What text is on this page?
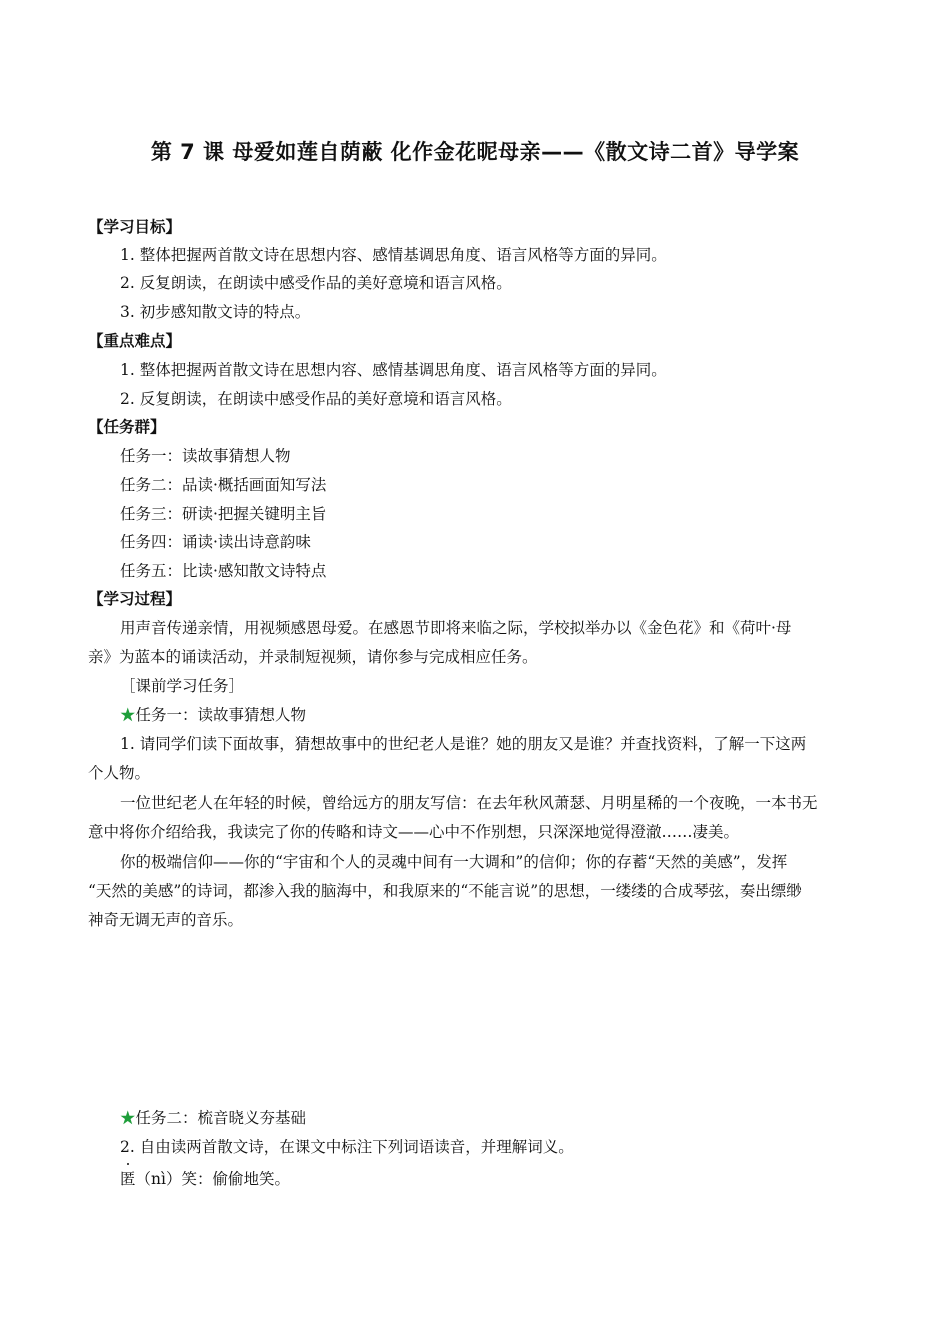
第 7 课 母爱如莲自荫蔽 化作金花昵母亲——《散文诗二首》导学案
【学习目标】
1. 整体把握两首散文诗在思想内容、感情基调思角度、语言风格等方面的异同。
2. 反复朗读，在朗读中感受作品的美好意境和语言风格。
3. 初步感知散文诗的特点。
【重点难点】
1. 整体把握两首散文诗在思想内容、感情基调思角度、语言风格等方面的异同。
2. 反复朗读，在朗读中感受作品的美好意境和语言风格。
【任务群】
任务一：读故事猜想人物
任务二：品读·概括画面知写法
任务三：研读·把握关键明主旨
任务四：诵读·读出诗意韵味
任务五：比读·感知散文诗特点
【学习过程】
用声音传递亲情，用视频感恩母爱。在感恩节即将来临之际，学校拟举办以《金色花》和《荷叶·母
亲》为蓝本的诵读活动，并录制短视频，请你参与完成相应任务。
［课前学习任务］
★任务一：读故事猜想人物
1. 请同学们读下面故事，猜想故事中的世纪老人是谁？她的朋友又是谁？并查找资料，了解一下这两
个人物。
一位世纪老人在年轻的时候，曾给远方的朋友写信：在去年秋风萧瑟、月明星稀的一个夜晚，一本书无
意中将你介绍给我，我读完了你的传略和诗文——心中不作别想，只深深地觉得澄澈……凄美。
你的极端信仰——你的“宇宙和个人的灵魂中间有一大调和”的信仰；你的存蓄“天然的美感”，发挥
“天然的美感”的诗词，都渗入我的脑海中，和我原来的“不能言说”的思想，一缕缕的合成琴弦，奏出缥缈
神奇无调无声的音乐。
★任务二：梳音晓义夯基础
2. 自由读两首散文诗，在课文中标注下列词语读音，并理解词义。
匿（nì）笑：偷偷地笑。
